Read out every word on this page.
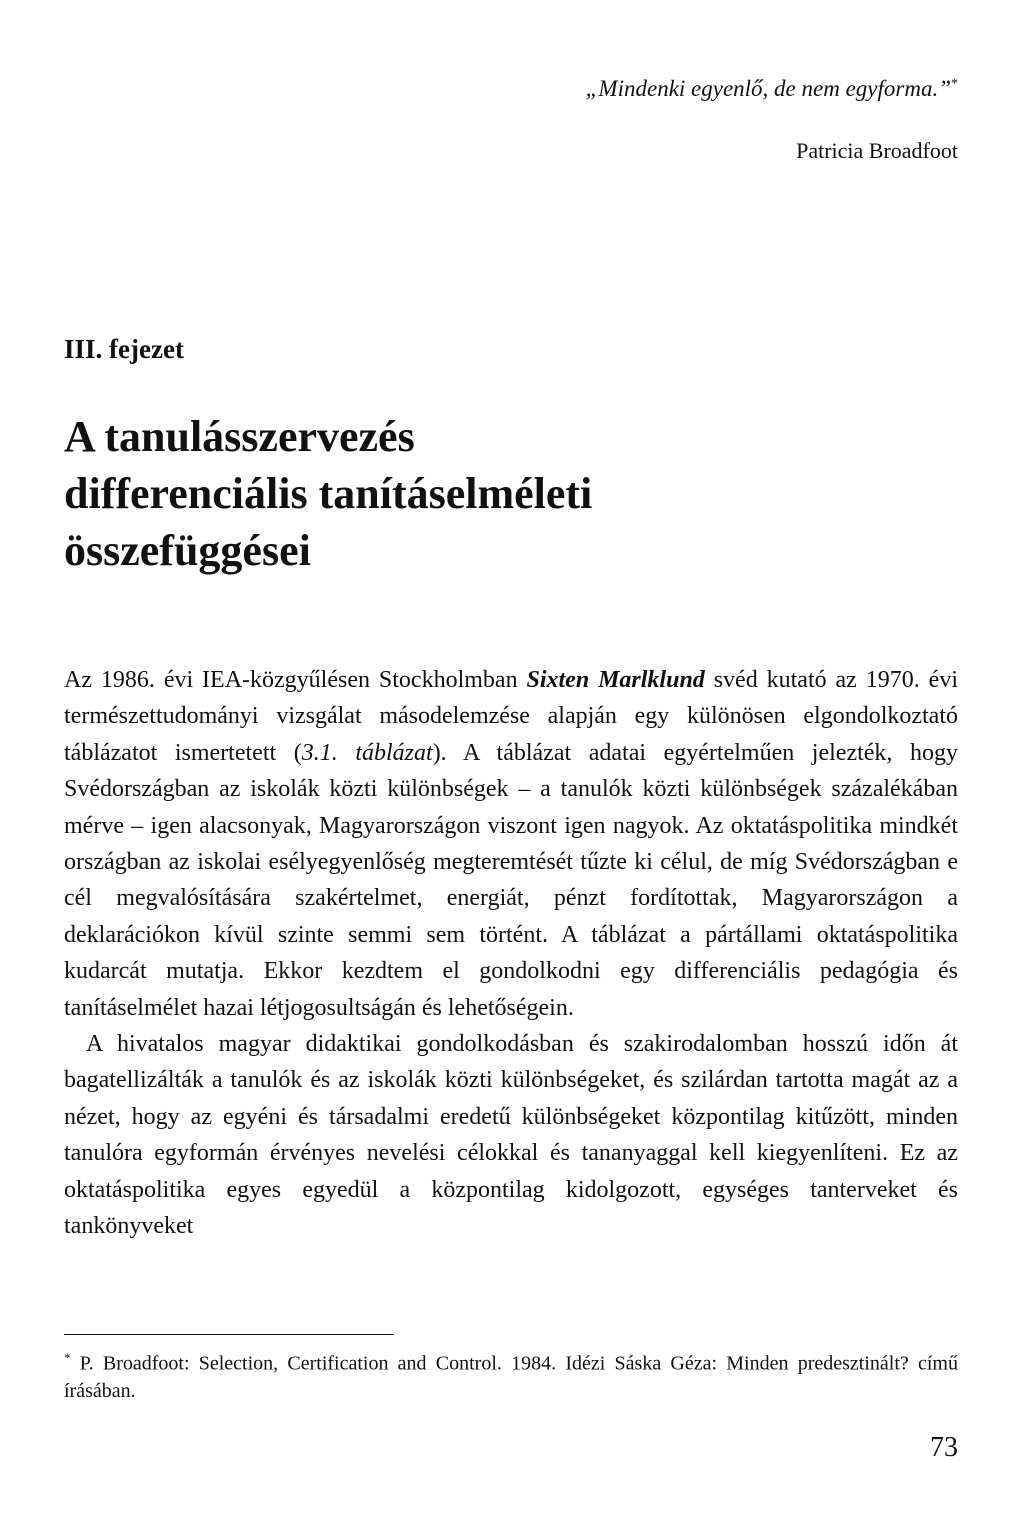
„Mindenki egyenlő, de nem egyforma.”*
Patricia Broadfoot
III. fejezet
A tanulásszervezés
differenciális tanításelméleti
összefüggései

Az 1986. évi IEA-közgyűlésen Stockholmban Sixten Marlklund svéd kutató az 1970. évi természettudományi vizsgálat másodelemzése alapján egy különösen elgondolkoztató táblázatot ismertetett (3.1. táblázat). A táblázat adatai egyértelműen jelezték, hogy Svédországban az iskolák közti különbségek – a tanulók közti különbségek százalékában mérve – igen alacsonyak, Magyarországon viszont igen nagyok. Az oktatáspolitika mindkét országban az iskolai esélyegyenlőség megteremtését tűzte ki célul, de míg Svédországban e cél megvalósítására szakértelmet, energiát, pénzt fordítottak, Magyarországon a deklarációkon kívül szinte semmi sem történt. A táblázat a pártállami oktatáspolitika kudarcát mutatja. Ekkor kezdtem el gondolkodni egy differenciális pedagógia és tanításelmélet hazai létjogosultságán és lehetőségein.

A hivatalos magyar didaktikai gondolkodásban és szakirodalomban hosszú időn át bagatellizálták a tanulók és az iskolák közti különbségeket, és szilárdan tartotta magát az a nézet, hogy az egyéni és társadalmi eredetű különbségeket központilag kitűzött, minden tanulóra egyformán érvényes nevelési célokkal és tananyaggal kell kiegyenlíteni. Ez az oktatáspolitika egyes egyedül a központilag kidolgozott, egységes tanterveket és tankönyveket

* P. Broadfoot: Selection, Certification and Control. 1984. Idézi Sáska Géza: Minden predesztinált? című írásában.
73
